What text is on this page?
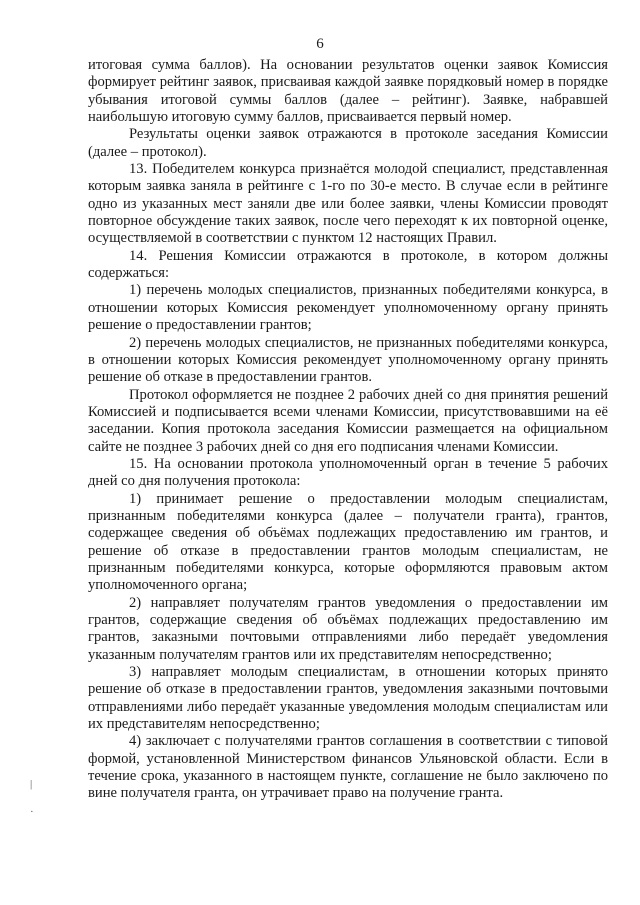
6

итоговая сумма баллов). На основании результатов оценки заявок Комиссия формирует рейтинг заявок, присваивая каждой заявке порядковый номер в порядке убывания итоговой суммы баллов (далее – рейтинг). Заявке, набравшей наибольшую итоговую сумму баллов, присваивается первый номер.

Результаты оценки заявок отражаются в протоколе заседания Комиссии (далее – протокол).

13. Победителем конкурса признаётся молодой специалист, представленная которым заявка заняла в рейтинге с 1-го по 30-е место. В случае если в рейтинге одно из указанных мест заняли две или более заявки, члены Комиссии проводят повторное обсуждение таких заявок, после чего переходят к их повторной оценке, осуществляемой в соответствии с пунктом 12 настоящих Правил.

14. Решения Комиссии отражаются в протоколе, в котором должны содержаться:

1) перечень молодых специалистов, признанных победителями конкурса, в отношении которых Комиссия рекомендует уполномоченному органу принять решение о предоставлении грантов;

2) перечень молодых специалистов, не признанных победителями конкурса, в отношении которых Комиссия рекомендует уполномоченному органу принять решение об отказе в предоставлении грантов.

Протокол оформляется не позднее 2 рабочих дней со дня принятия решений Комиссией и подписывается всеми членами Комиссии, присутствовавшими на её заседании. Копия протокола заседания Комиссии размещается на официальном сайте не позднее 3 рабочих дней со дня его подписания членами Комиссии.

15. На основании протокола уполномоченный орган в течение 5 рабочих дней со дня получения протокола:

1) принимает решение о предоставлении молодым специалистам, признанным победителями конкурса (далее – получатели гранта), грантов, содержащее сведения об объёмах подлежащих предоставлению им грантов, и решение об отказе в предоставлении грантов молодым специалистам, не признанным победителями конкурса, которые оформляются правовым актом уполномоченного органа;

2) направляет получателям грантов уведомления о предоставлении им грантов, содержащие сведения об объёмах подлежащих предоставлению им грантов, заказными почтовыми отправлениями либо передаёт уведомления указанным получателям грантов или их представителям непосредственно;

3) направляет молодым специалистам, в отношении которых принято решение об отказе в предоставлении грантов, уведомления заказными почтовыми отправлениями либо передаёт указанные уведомления молодым специалистам или их представителям непосредственно;

4) заключает с получателями грантов соглашения в соответствии с типовой формой, установленной Министерством финансов Ульяновской области. Если в течение срока, указанного в настоящем пункте, соглашение не было заключено по вине получателя гранта, он утрачивает право на получение гранта.

|
·
